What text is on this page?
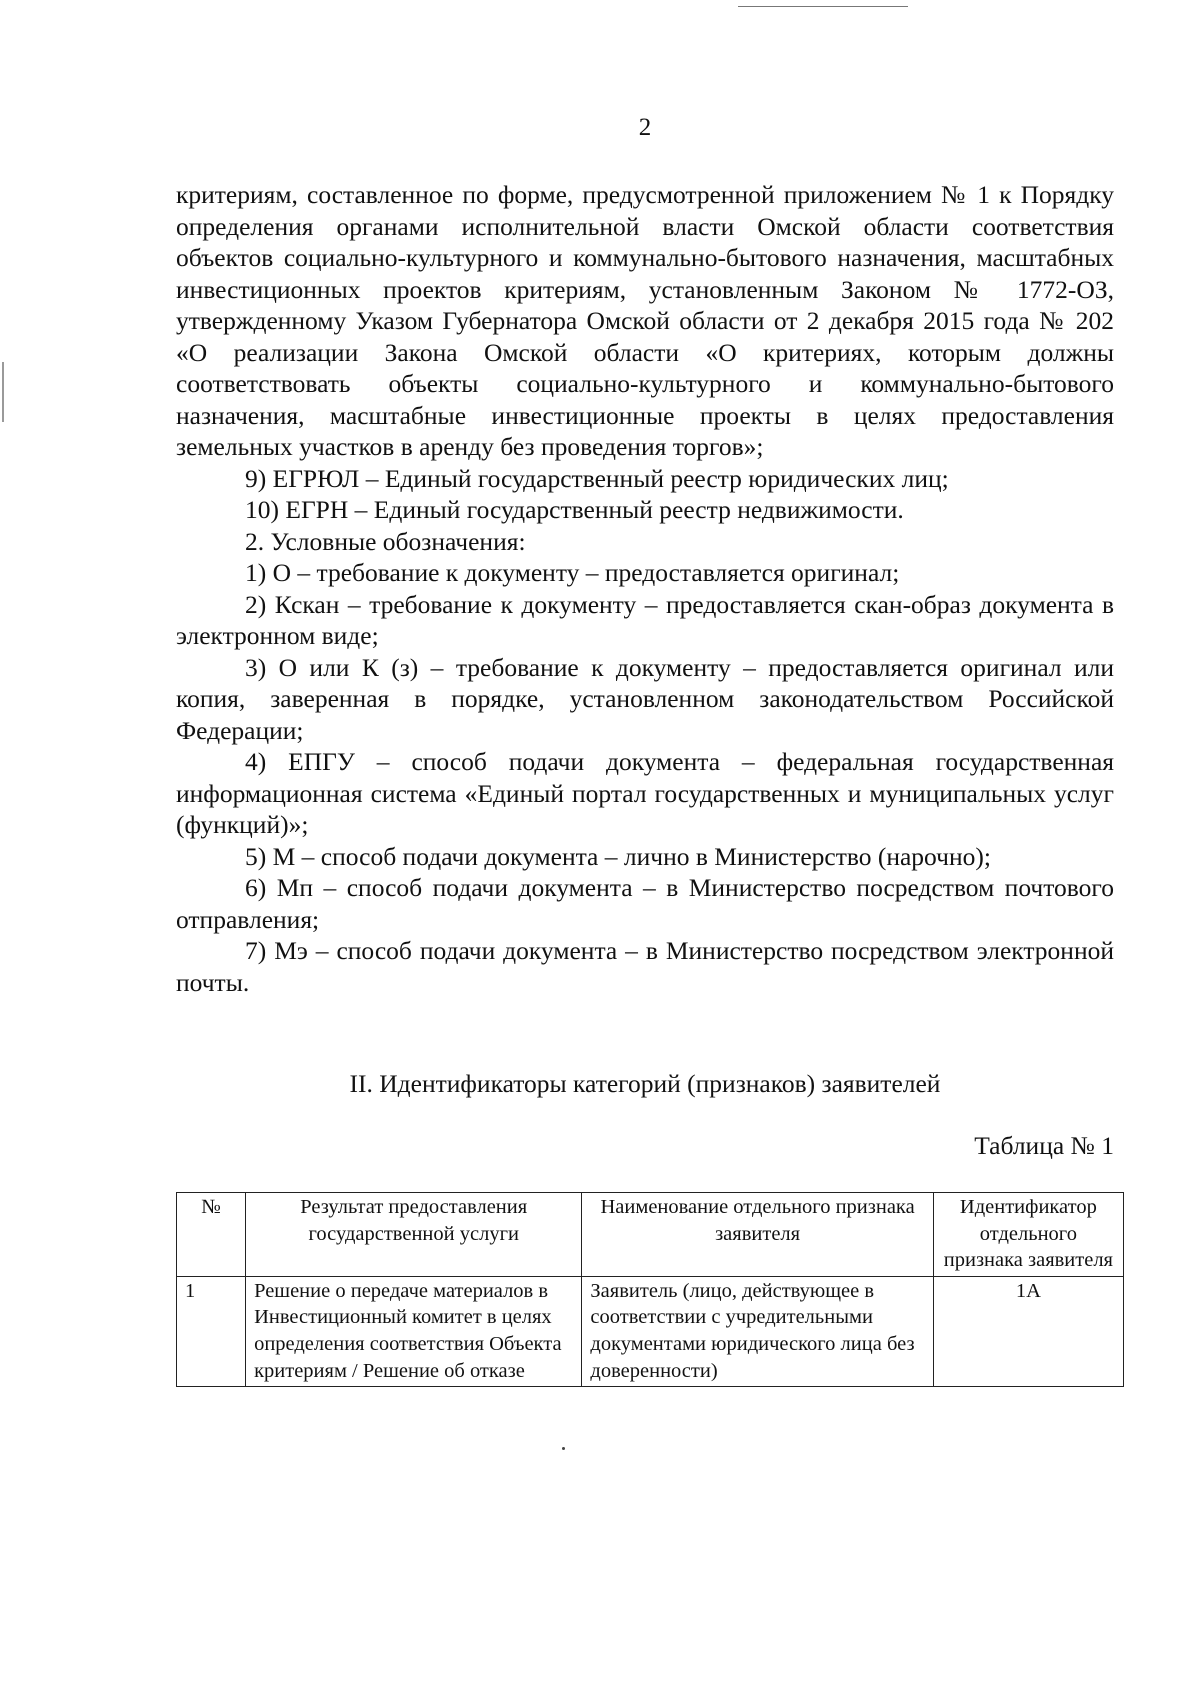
2

критериям, составленное по форме, предусмотренной приложением № 1 к Порядку определения органами исполнительной власти Омской области соответствия объектов социально-культурного и коммунально-бытового назначения, масштабных инвестиционных проектов критериям, установленным Законом № 1772-ОЗ, утвержденному Указом Губернатора Омской области от 2 декабря 2015 года № 202 «О реализации Закона Омской области «О критериях, которым должны соответствовать объекты социально-культурного и коммунально-бытового назначения, масштабные инвестиционные проекты в целях предоставления земельных участков в аренду без проведения торгов»;

9) ЕГРЮЛ – Единый государственный реестр юридических лиц;

10) ЕГРН – Единый государственный реестр недвижимости.

2. Условные обозначения:

1) О – требование к документу – предоставляется оригинал;

2) Кскан – требование к документу – предоставляется скан-образ документа в электронном виде;

3) О или К (з) – требование к документу – предоставляется оригинал или копия, заверенная в порядке, установленном законодательством Российской Федерации;

4) ЕПГУ – способ подачи документа – федеральная государственная информационная система «Единый портал государственных и муниципальных услуг (функций)»;

5) М – способ подачи документа – лично в Министерство (нарочно);

6) Мп – способ подачи документа – в Министерство посредством почтового отправления;

7) Мэ – способ подачи документа – в Министерство посредством электронной почты.

II. Идентификаторы категорий (признаков) заявителей
Таблица № 1
№	Результат предоставления государственной услуги	Наименование отдельного признака заявителя	Идентификатор отдельного признака заявителя
1	Решение о передаче материалов в Инвестиционный комитет в целях определения соответствия Объекта критериям / Решение об отказе	Заявитель (лицо, действующее в соответствии с учредительными документами юридического лица без доверенности)	1А
